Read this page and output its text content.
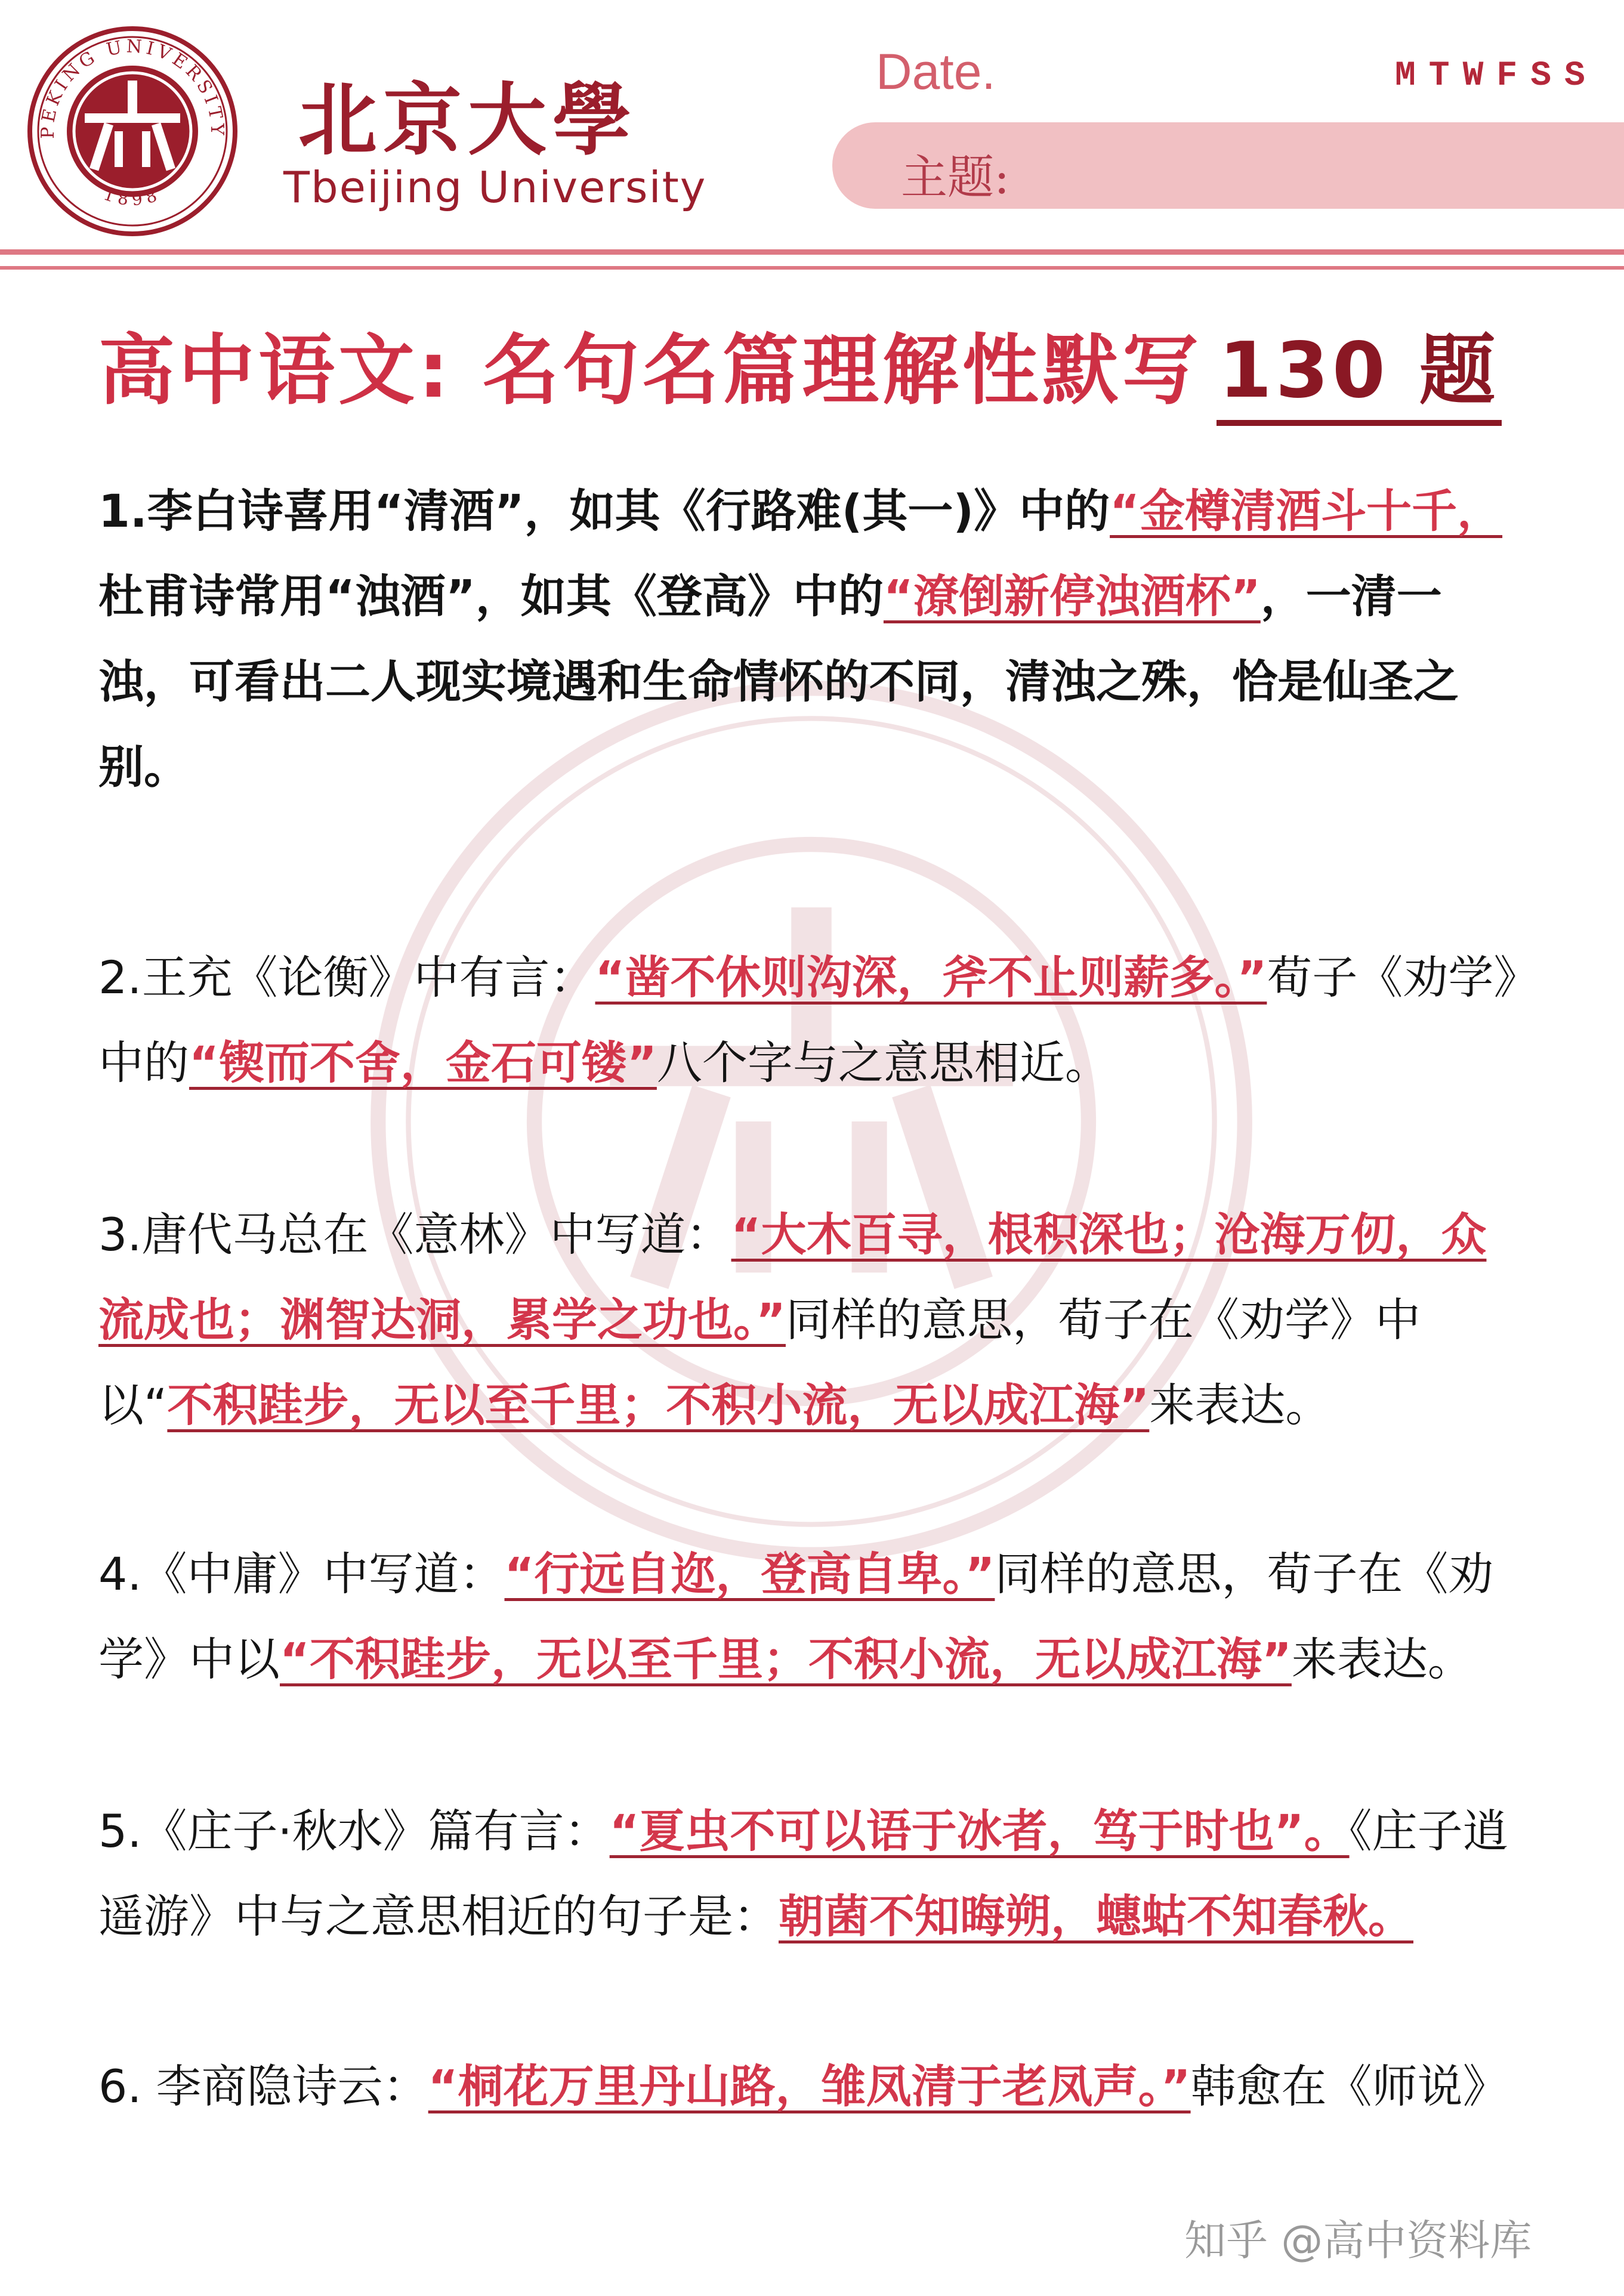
PEKING UNIVERSITY
1898
北京大學
Tbeijing University
Date.	MTWFSS
主题:
高中语文: 名句名篇理解性默写 130 题
1.李白诗喜用“清酒”，如其《行路难(其一)》中的“金樽清酒斗十千，杜甫诗常用“浊酒”，如其《登高》中的“潦倒新停浊酒杯”，一清一浊，可看出二人现实境遇和生命情怀的不同，清浊之殊，恰是仙圣之别。
2.王充《论衡》中有言：“凿不休则沟深，斧不止则薪多。”荀子《劝学》中的“锲而不舍，金石可镂”八个字与之意思相近。
3.唐代马总在《意林》中写道：“大木百寻，根积深也；沧海万仞，众流成也；渊智达洞，累学之功也。”同样的意思，荀子在《劝学》中以“不积跬步，无以至千里；不积小流，无以成江海”来表达。
4.《中庸》中写道：“行远自迩，登高自卑。”同样的意思，荀子在《劝学》中以“不积跬步，无以至千里；不积小流，无以成江海”来表达。
5.《庄子·秋水》篇有言：“夏虫不可以语于冰者，笃于时也”。《庄子逍遥游》中与之意思相近的句子是：朝菌不知晦朔，蟪蛄不知春秋。
6. 李商隐诗云：“桐花万里丹山路，雏凤清于老凤声。”韩愈在《师说》
知乎 @高中资料库
